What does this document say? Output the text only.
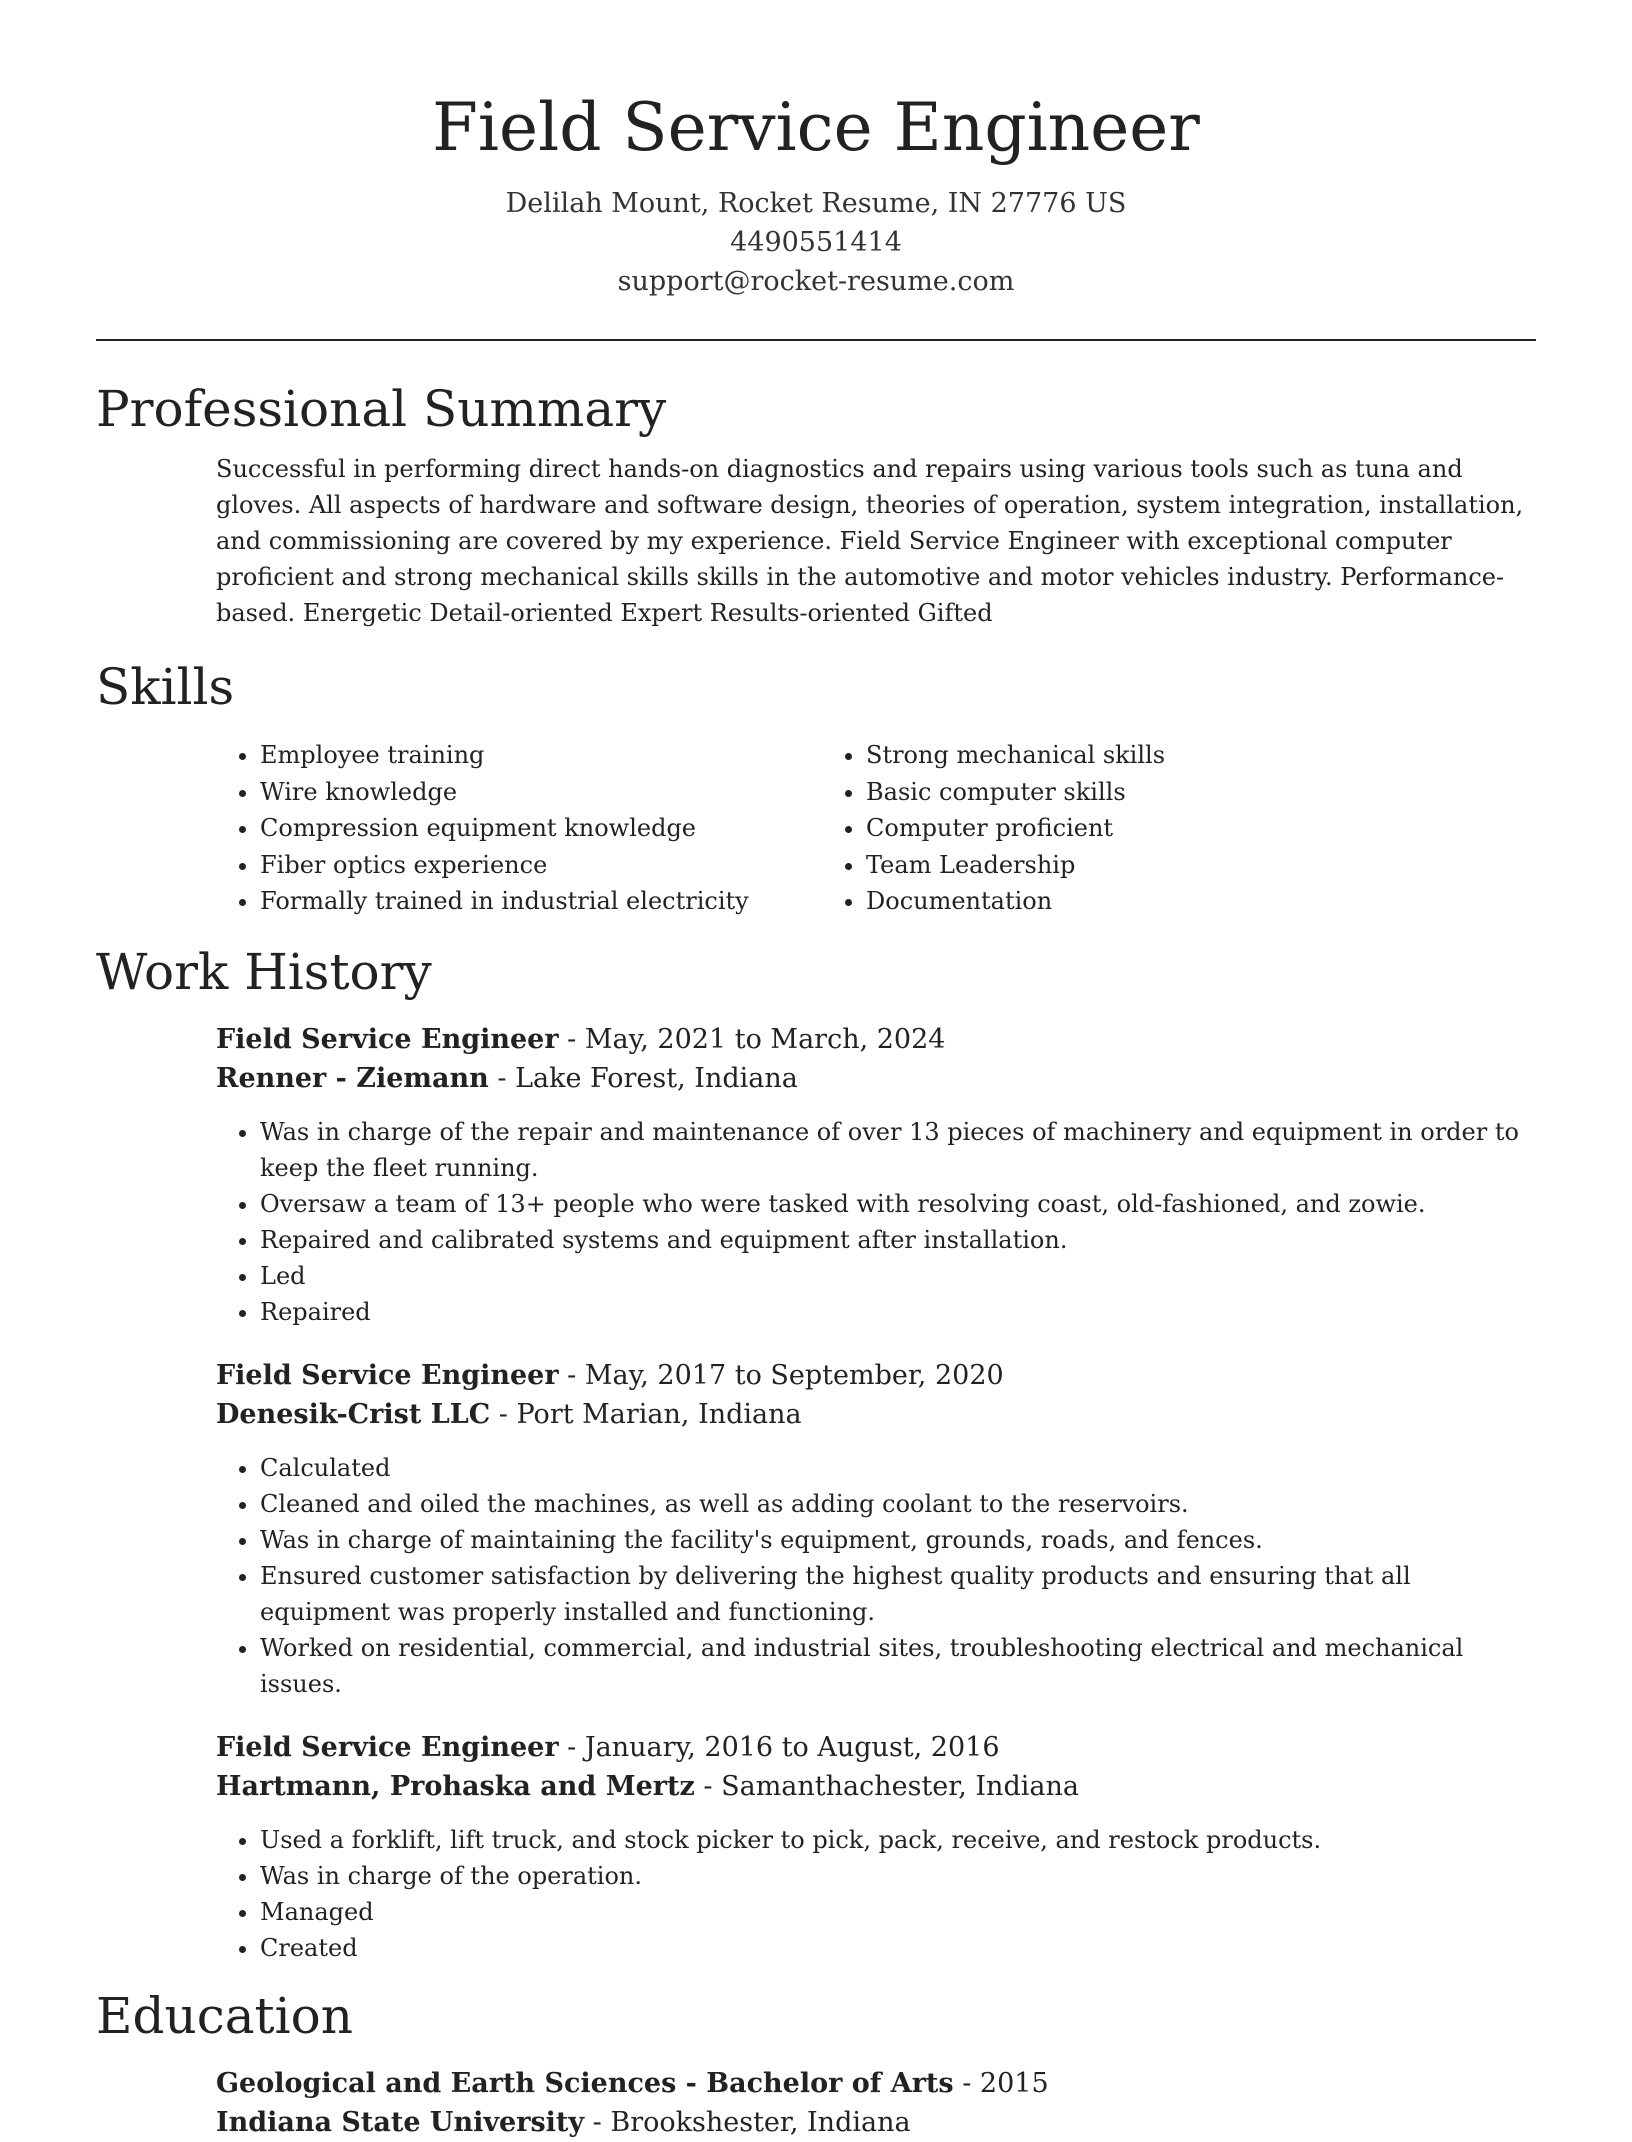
Field Service Engineer
Delilah Mount, Rocket Resume, IN 27776 US
4490551414
support@rocket-resume.com
Professional Summary

Successful in performing direct hands-on diagnostics and repairs using various tools such as tuna and gloves. All aspects of hardware and software design, theories of operation, system integration, installation, and commissioning are covered by my experience. Field Service Engineer with exceptional computer proficient and strong mechanical skills skills in the automotive and motor vehicles industry. Performance-based. Energetic Detail-oriented Expert Results-oriented Gifted

Skills
• Employee training
• Wire knowledge
• Compression equipment knowledge
• Fiber optics experience
• Formally trained in industrial electricity
• Strong mechanical skills
• Basic computer skills
• Computer proficient
• Team Leadership
• Documentation
Work History
Field Service Engineer - May, 2021 to March, 2024
Renner - Ziemann - Lake Forest, Indiana
• Was in charge of the repair and maintenance of over 13 pieces of machinery and equipment in order to keep the fleet running.
• Oversaw a team of 13+ people who were tasked with resolving coast, old-fashioned, and zowie.
• Repaired and calibrated systems and equipment after installation.
• Led
• Repaired
Field Service Engineer - May, 2017 to September, 2020
Denesik-Crist LLC - Port Marian, Indiana
• Calculated
• Cleaned and oiled the machines, as well as adding coolant to the reservoirs.
• Was in charge of maintaining the facility's equipment, grounds, roads, and fences.
• Ensured customer satisfaction by delivering the highest quality products and ensuring that all equipment was properly installed and functioning.
• Worked on residential, commercial, and industrial sites, troubleshooting electrical and mechanical issues.
Field Service Engineer - January, 2016 to August, 2016
Hartmann, Prohaska and Mertz - Samanthachester, Indiana
• Used a forklift, lift truck, and stock picker to pick, pack, receive, and restock products.
• Was in charge of the operation.
• Managed
• Created
Education
Geological and Earth Sciences - Bachelor of Arts - 2015
Indiana State University - Brookshester, Indiana
